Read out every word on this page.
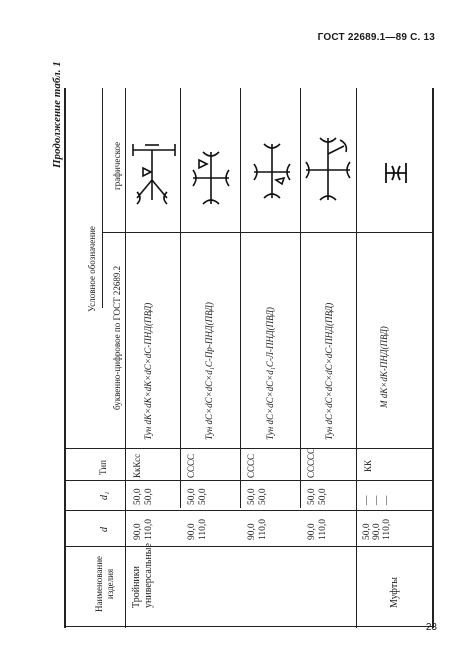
ГОСТ 22689.1—89 С. 13
Продолжение табл. 1
Наименование изделия
d
d₁
Тип
Условное обозначение буквенно-цифровое по ГОСТ 22689.2
графическое
Тройники универсальные	Муфты
90,0 110,0
50,0 50,0
КкКсс
Тун dK×dK×dK×dC×dC-ПНД(ПВД)
90,0 110,0
50,0 50,0
СССС
Тун dC×dC×dC×d₁C-Пр-ПНД(ПВД)
90,0 110,0
50,0 50,0
СССС
Тун dC×dC×dC×d₁C-Л-ПНД(ПВД)
90,0 110,0
50,0 50,0
ССССС
Тун dC×dC×dC×dC×dC-ПНД(ПВД)
50,0 90,0 110,0
— — —
КК
М dK×dK-ПНД(ПВД)
23
